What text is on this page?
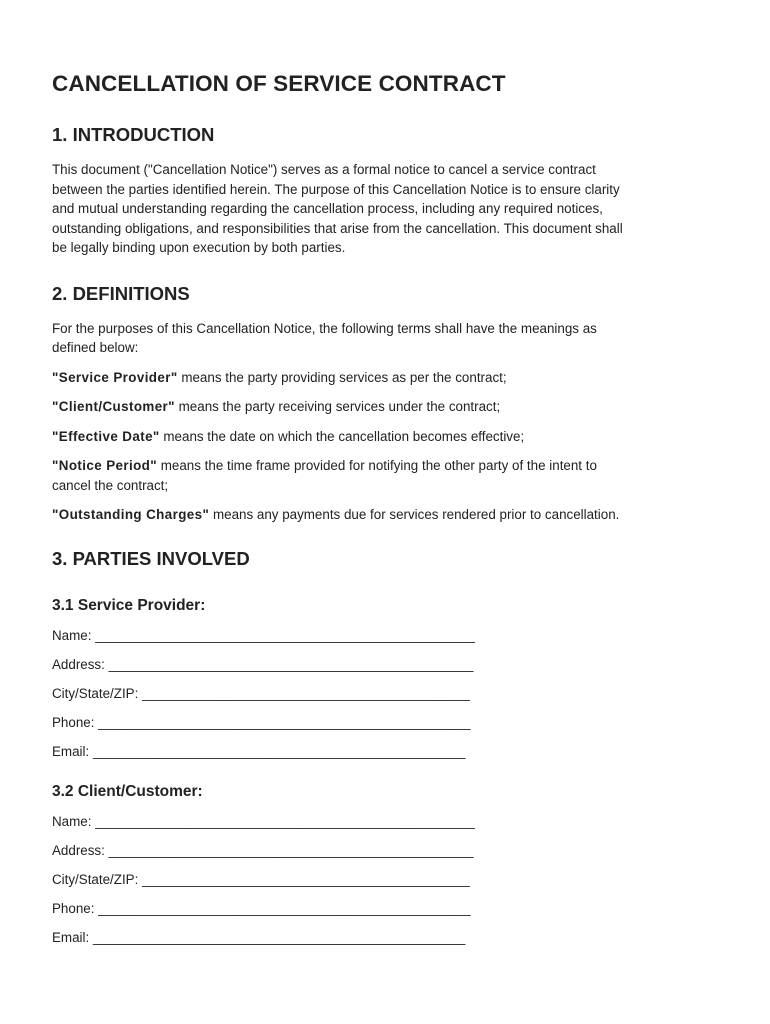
CANCELLATION OF SERVICE CONTRACT
1. INTRODUCTION

This document ("Cancellation Notice") serves as a formal notice to cancel a service contract
between the parties identified herein. The purpose of this Cancellation Notice is to ensure clarity
and mutual understanding regarding the cancellation process, including any required notices,
outstanding obligations, and responsibilities that arise from the cancellation. This document shall
be legally binding upon execution by both parties.

2. DEFINITIONS

For the purposes of this Cancellation Notice, the following terms shall have the meanings as
defined below:

"Service Provider" means the party providing services as per the contract;

"Client/Customer" means the party receiving services under the contract;

"Effective Date" means the date on which the cancellation becomes effective;

"Notice Period" means the time frame provided for notifying the other party of the intent to
cancel the contract;

"Outstanding Charges" means any payments due for services rendered prior to cancellation.

3. PARTIES INVOLVED
3.1 Service Provider:
Name: ___________________________________________________
Address: _________________________________________________
City/State/ZIP: ____________________________________________
Phone: __________________________________________________
Email: __________________________________________________
3.2 Client/Customer:
Name: ___________________________________________________
Address: _________________________________________________
City/State/ZIP: ____________________________________________
Phone: __________________________________________________
Email: __________________________________________________
